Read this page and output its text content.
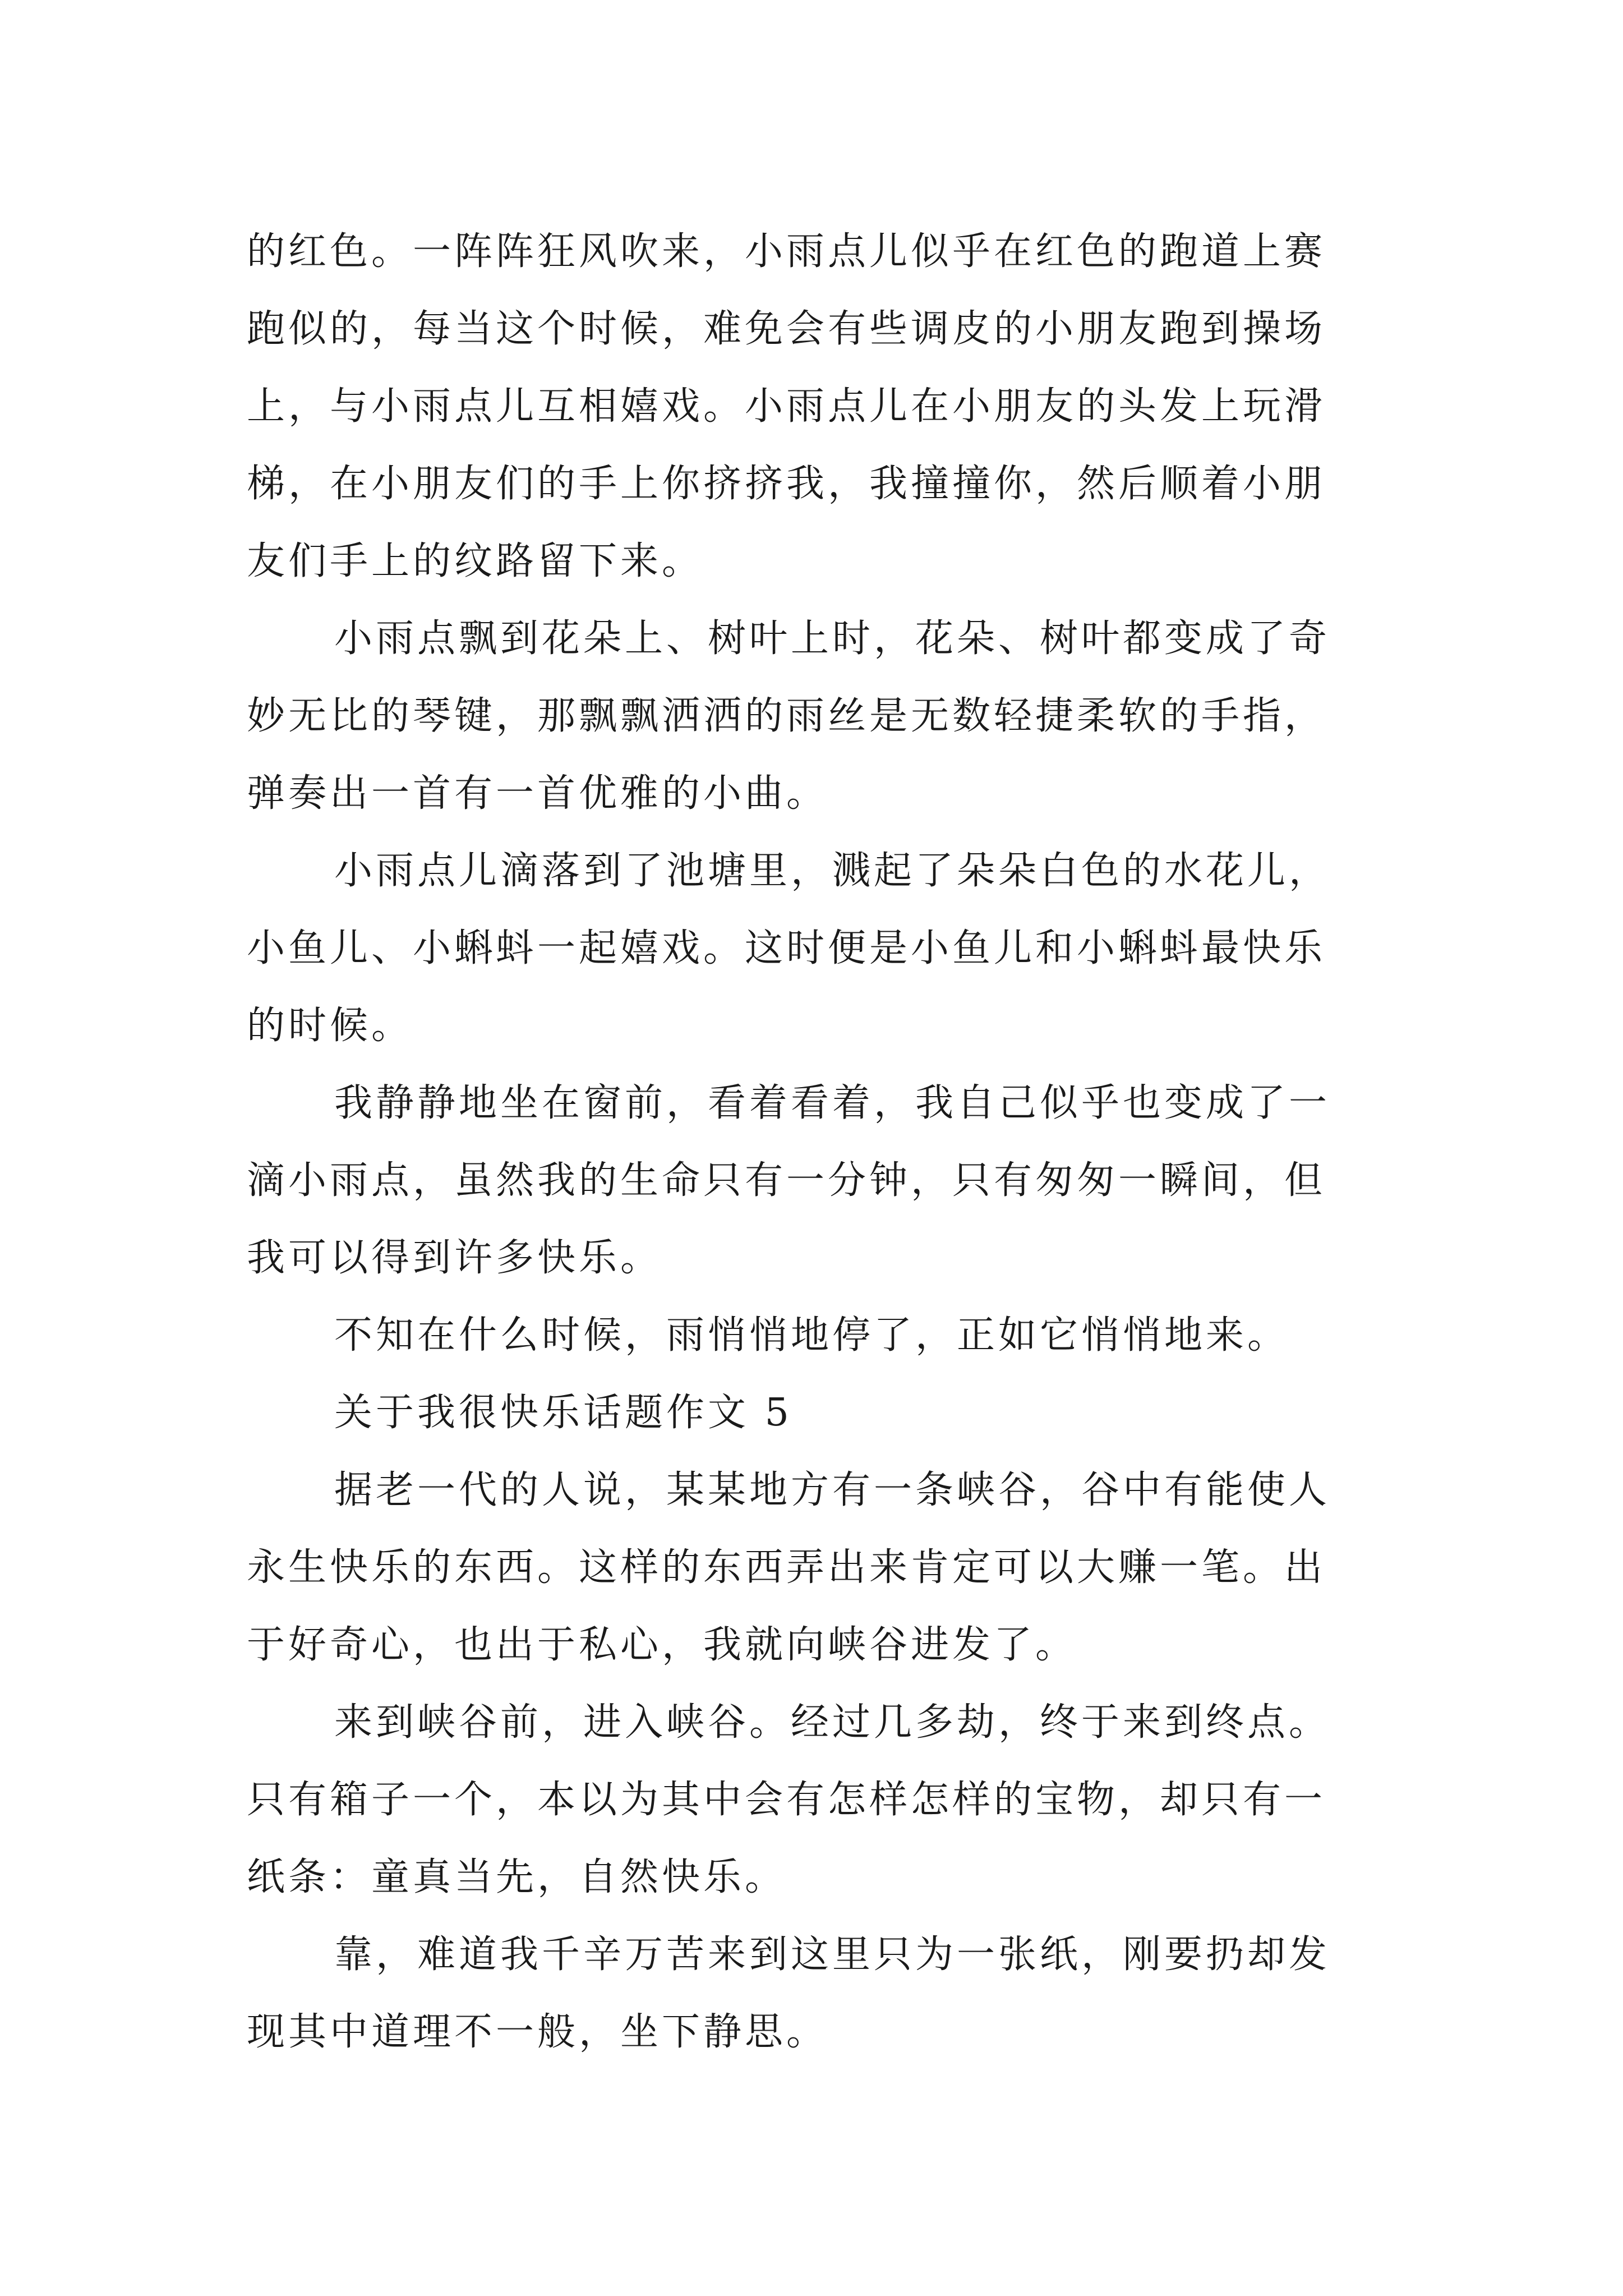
的红色。一阵阵狂风吹来，小雨点儿似乎在红色的跑道上赛
跑似的，每当这个时候，难免会有些调皮的小朋友跑到操场
上，与小雨点儿互相嬉戏。小雨点儿在小朋友的头发上玩滑
梯，在小朋友们的手上你挤挤我，我撞撞你，然后顺着小朋
友们手上的纹路留下来。
小雨点飘到花朵上、树叶上时，花朵、树叶都变成了奇
妙无比的琴键，那飘飘洒洒的雨丝是无数轻捷柔软的手指，
弹奏出一首有一首优雅的小曲。
小雨点儿滴落到了池塘里，溅起了朵朵白色的水花儿，
小鱼儿、小蝌蚪一起嬉戏。这时便是小鱼儿和小蝌蚪最快乐
的时候。
我静静地坐在窗前，看着看着，我自己似乎也变成了一
滴小雨点，虽然我的生命只有一分钟，只有匆匆一瞬间，但
我可以得到许多快乐。
不知在什么时候，雨悄悄地停了，正如它悄悄地来。
关于我很快乐话题作文 5
据老一代的人说，某某地方有一条峡谷，谷中有能使人
永生快乐的东西。这样的东西弄出来肯定可以大赚一笔。出
于好奇心，也出于私心，我就向峡谷进发了。
来到峡谷前，进入峡谷。经过几多劫，终于来到终点。
只有箱子一个，本以为其中会有怎样怎样的宝物，却只有一
纸条：童真当先，自然快乐。
靠，难道我千辛万苦来到这里只为一张纸，刚要扔却发
现其中道理不一般，坐下静思。
